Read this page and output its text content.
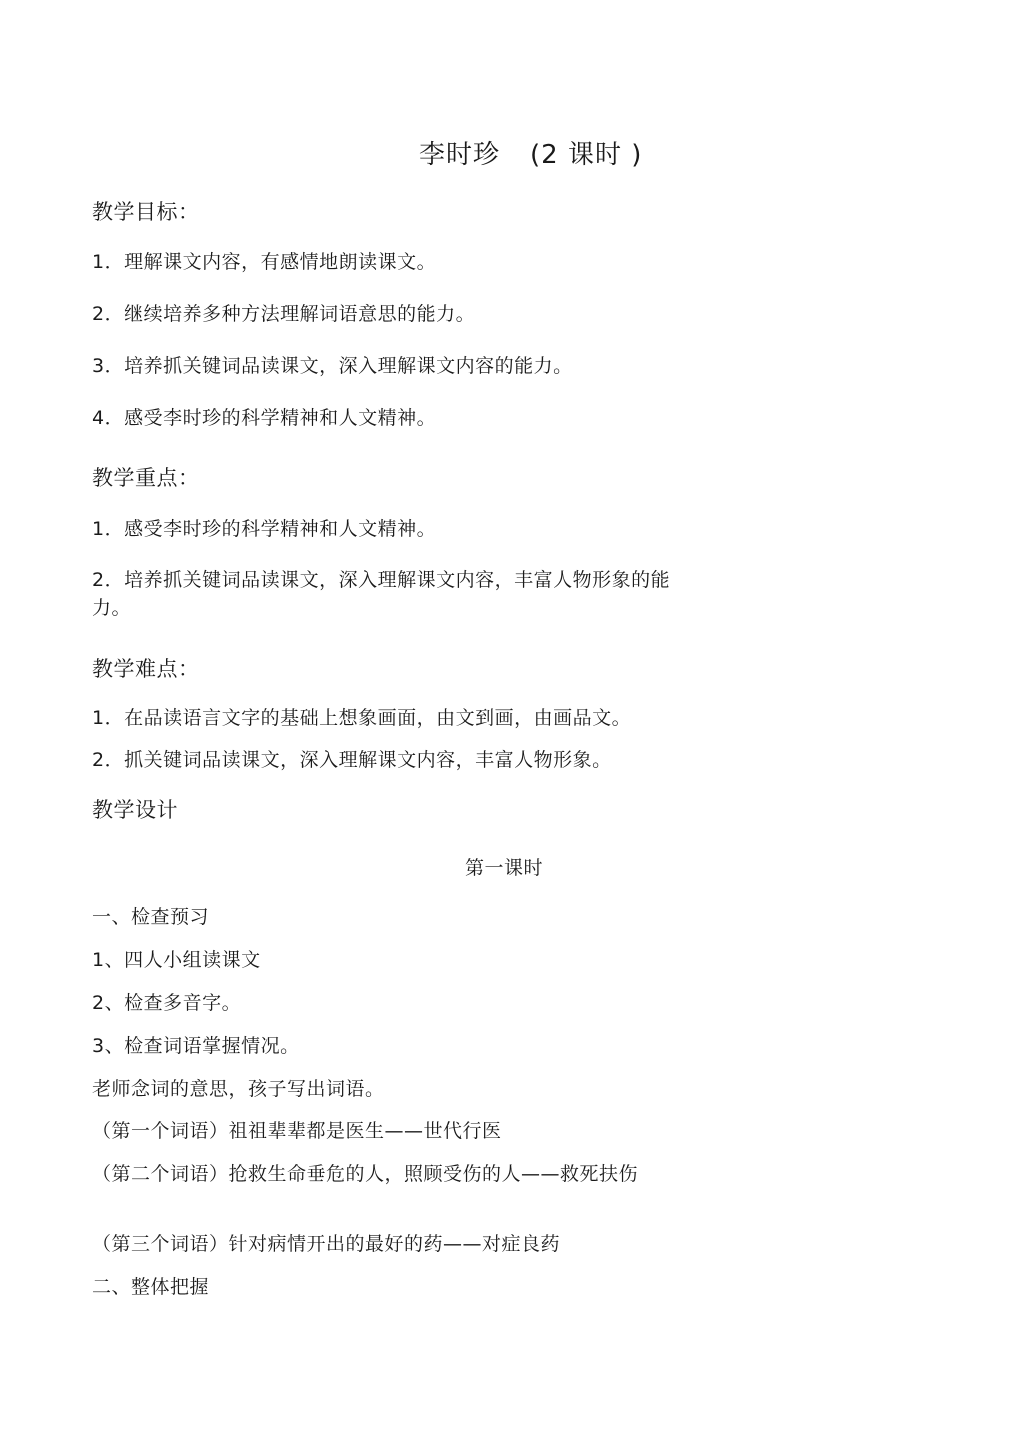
李时珍 (2 课时 )
教学目标：
1．理解课文内容，有感情地朗读课文。
2．继续培养多种方法理解词语意思的能力。
3．培养抓关键词品读课文，深入理解课文内容的能力。
4．感受李时珍的科学精神和人文精神。
教学重点：
1．感受李时珍的科学精神和人文精神。
2．培养抓关键词品读课文，深入理解课文内容，丰富人物形象的能力。
教学难点：
1．在品读语言文字的基础上想象画面，由文到画，由画品文。
2．抓关键词品读课文，深入理解课文内容，丰富人物形象。
教学设计
第一课时
一、检查预习
1、四人小组读课文
2、检查多音字。
3、检查词语掌握情况。
老师念词的意思，孩子写出词语。
（第一个词语）祖祖辈辈都是医生——世代行医
（第二个词语）抢救生命垂危的人，照顾受伤的人——救死扶伤
（第三个词语）针对病情开出的最好的药——对症良药
二、整体把握
